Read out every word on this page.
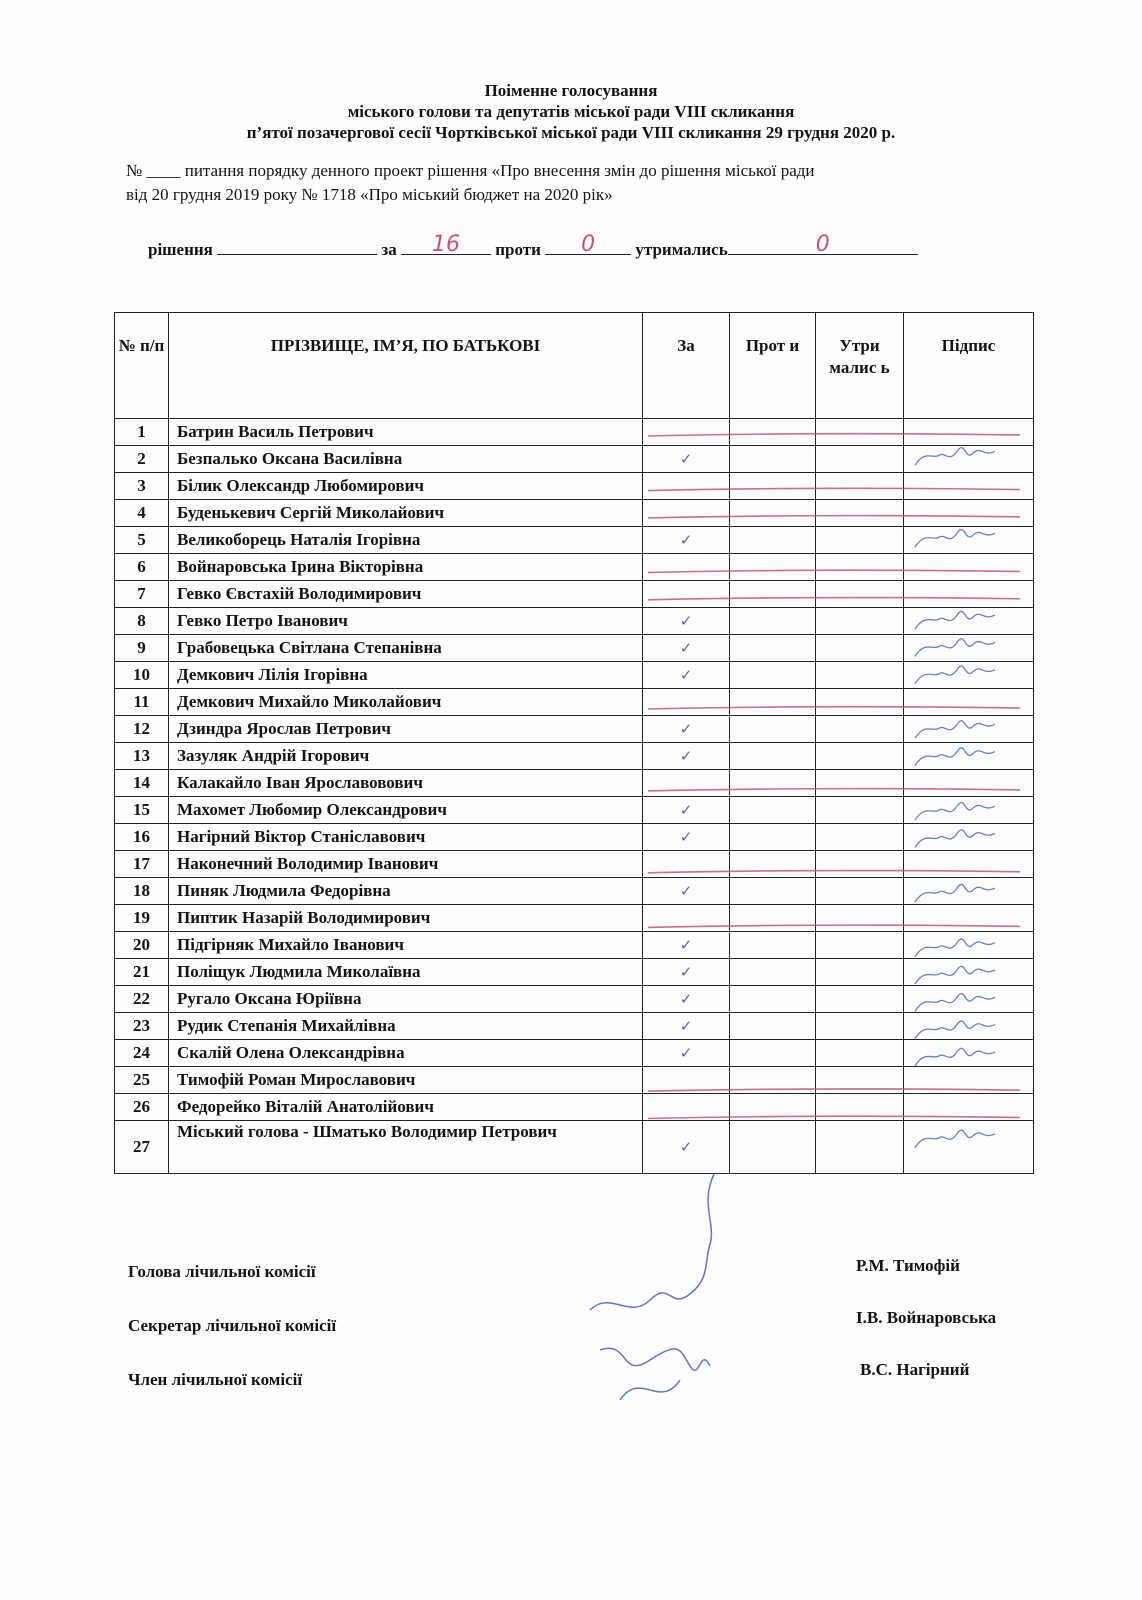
Поіменне голосування
міського голови та депутатів міської ради VIII скликання
п’ятої позачергової сесії Чортківської міської ради VIII скликання 29 грудня 2020 р.
№ ____ питання порядку денного проект рішення «Про внесення змін до рішення міської ради
від 20 грудня 2019 року № 1718 «Про міський бюджет на 2020 рік»
рішення	за 16 проти 0 утримались	0
№ п/п	ПРІЗВИЩЕ, ІМ’Я, ПО БАТЬКОВІ	За	Прот и	Утри малис ь	Підпис
1	Батрин Василь Петрович				
2	Безпалько Оксана Василівна	✓			
3	Білик Олександр Любомирович				
4	Буденькевич Сергій Миколайович				
5	Великоборець Наталія Ігорівна	✓			
6	Войнаровська Ірина Вікторівна				
7	Гевко Євстахій Володимирович				
8	Гевко Петро Іванович	✓			
9	Грабовецька Світлана Степанівна	✓			
10	Демкович Лілія Ігорівна	✓			
11	Демкович Михайло Миколайович				
12	Дзиндра Ярослав Петрович	✓			
13	Зазуляк Андрій Ігорович	✓			
14	Калакайло Іван Ярославовович				
15	Махомет Любомир Олександрович	✓			
16	Нагірний Віктор Станіславович	✓			
17	Наконечний Володимир Іванович				
18	Пиняк Людмила Федорівна	✓			
19	Пиптик Назарій Володимирович				
20	Підгірняк Михайло Іванович	✓			
21	Поліщук Людмила Миколаївна	✓			
22	Ругало Оксана Юріївна	✓			
23	Рудик Степанія Михайлівна	✓			
24	Скалій Олена Олександрівна	✓			
25	Тимофій Роман Мирославович				
26	Федорейко Віталій Анатолійович				
27	Міський голова - Шматько Володимир Петрович	✓			
Голова лічильної комісії
Секретар лічильної комісії
Член лічильної комісії
Р.М. Тимофій
І.В. Войнаровська
В.С. Нагірний
